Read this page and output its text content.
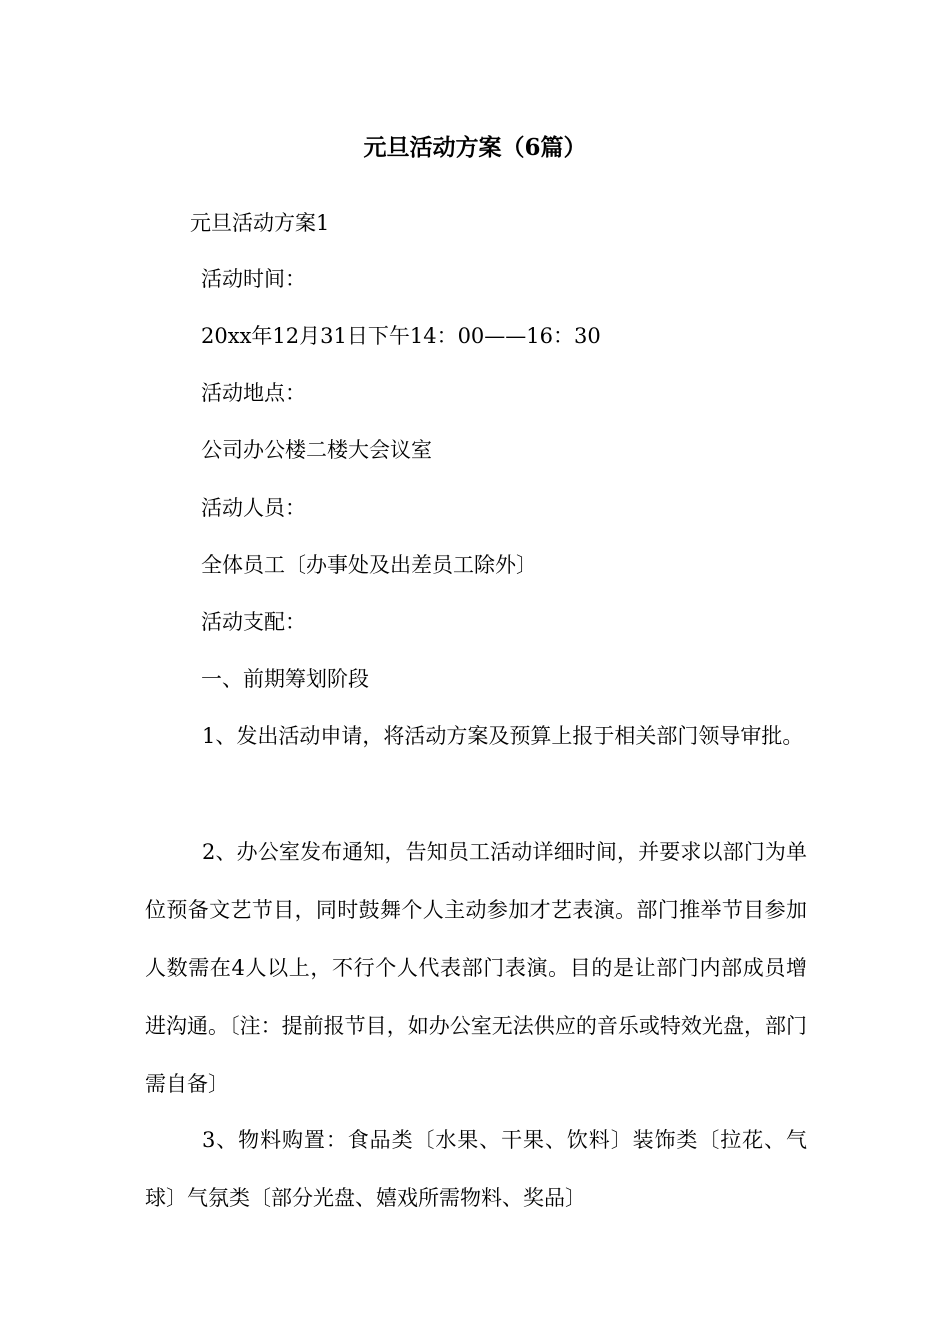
元旦活动方案（6篇）
元旦活动方案1
活动时间：
20xx年12月31日下午14：00——16：30
活动地点：
公司办公楼二楼大会议室
活动人员：
全体员工〔办事处及出差员工除外〕
活动支配：
一、前期筹划阶段
1、发出活动申请，将活动方案及预算上报于相关部门领导审批。
2、办公室发布通知，告知员工活动详细时间，并要求以部门为单位预备文艺节目，同时鼓舞个人主动参加才艺表演。部门推举节目参加人数需在4人以上，不行个人代表部门表演。目的是让部门内部成员增进沟通。〔注：提前报节目，如办公室无法供应的音乐或特效光盘，部门需自备〕
3、物料购置：食品类〔水果、干果、饮料〕装饰类〔拉花、气球〕气氛类〔部分光盘、嬉戏所需物料、奖品〕
